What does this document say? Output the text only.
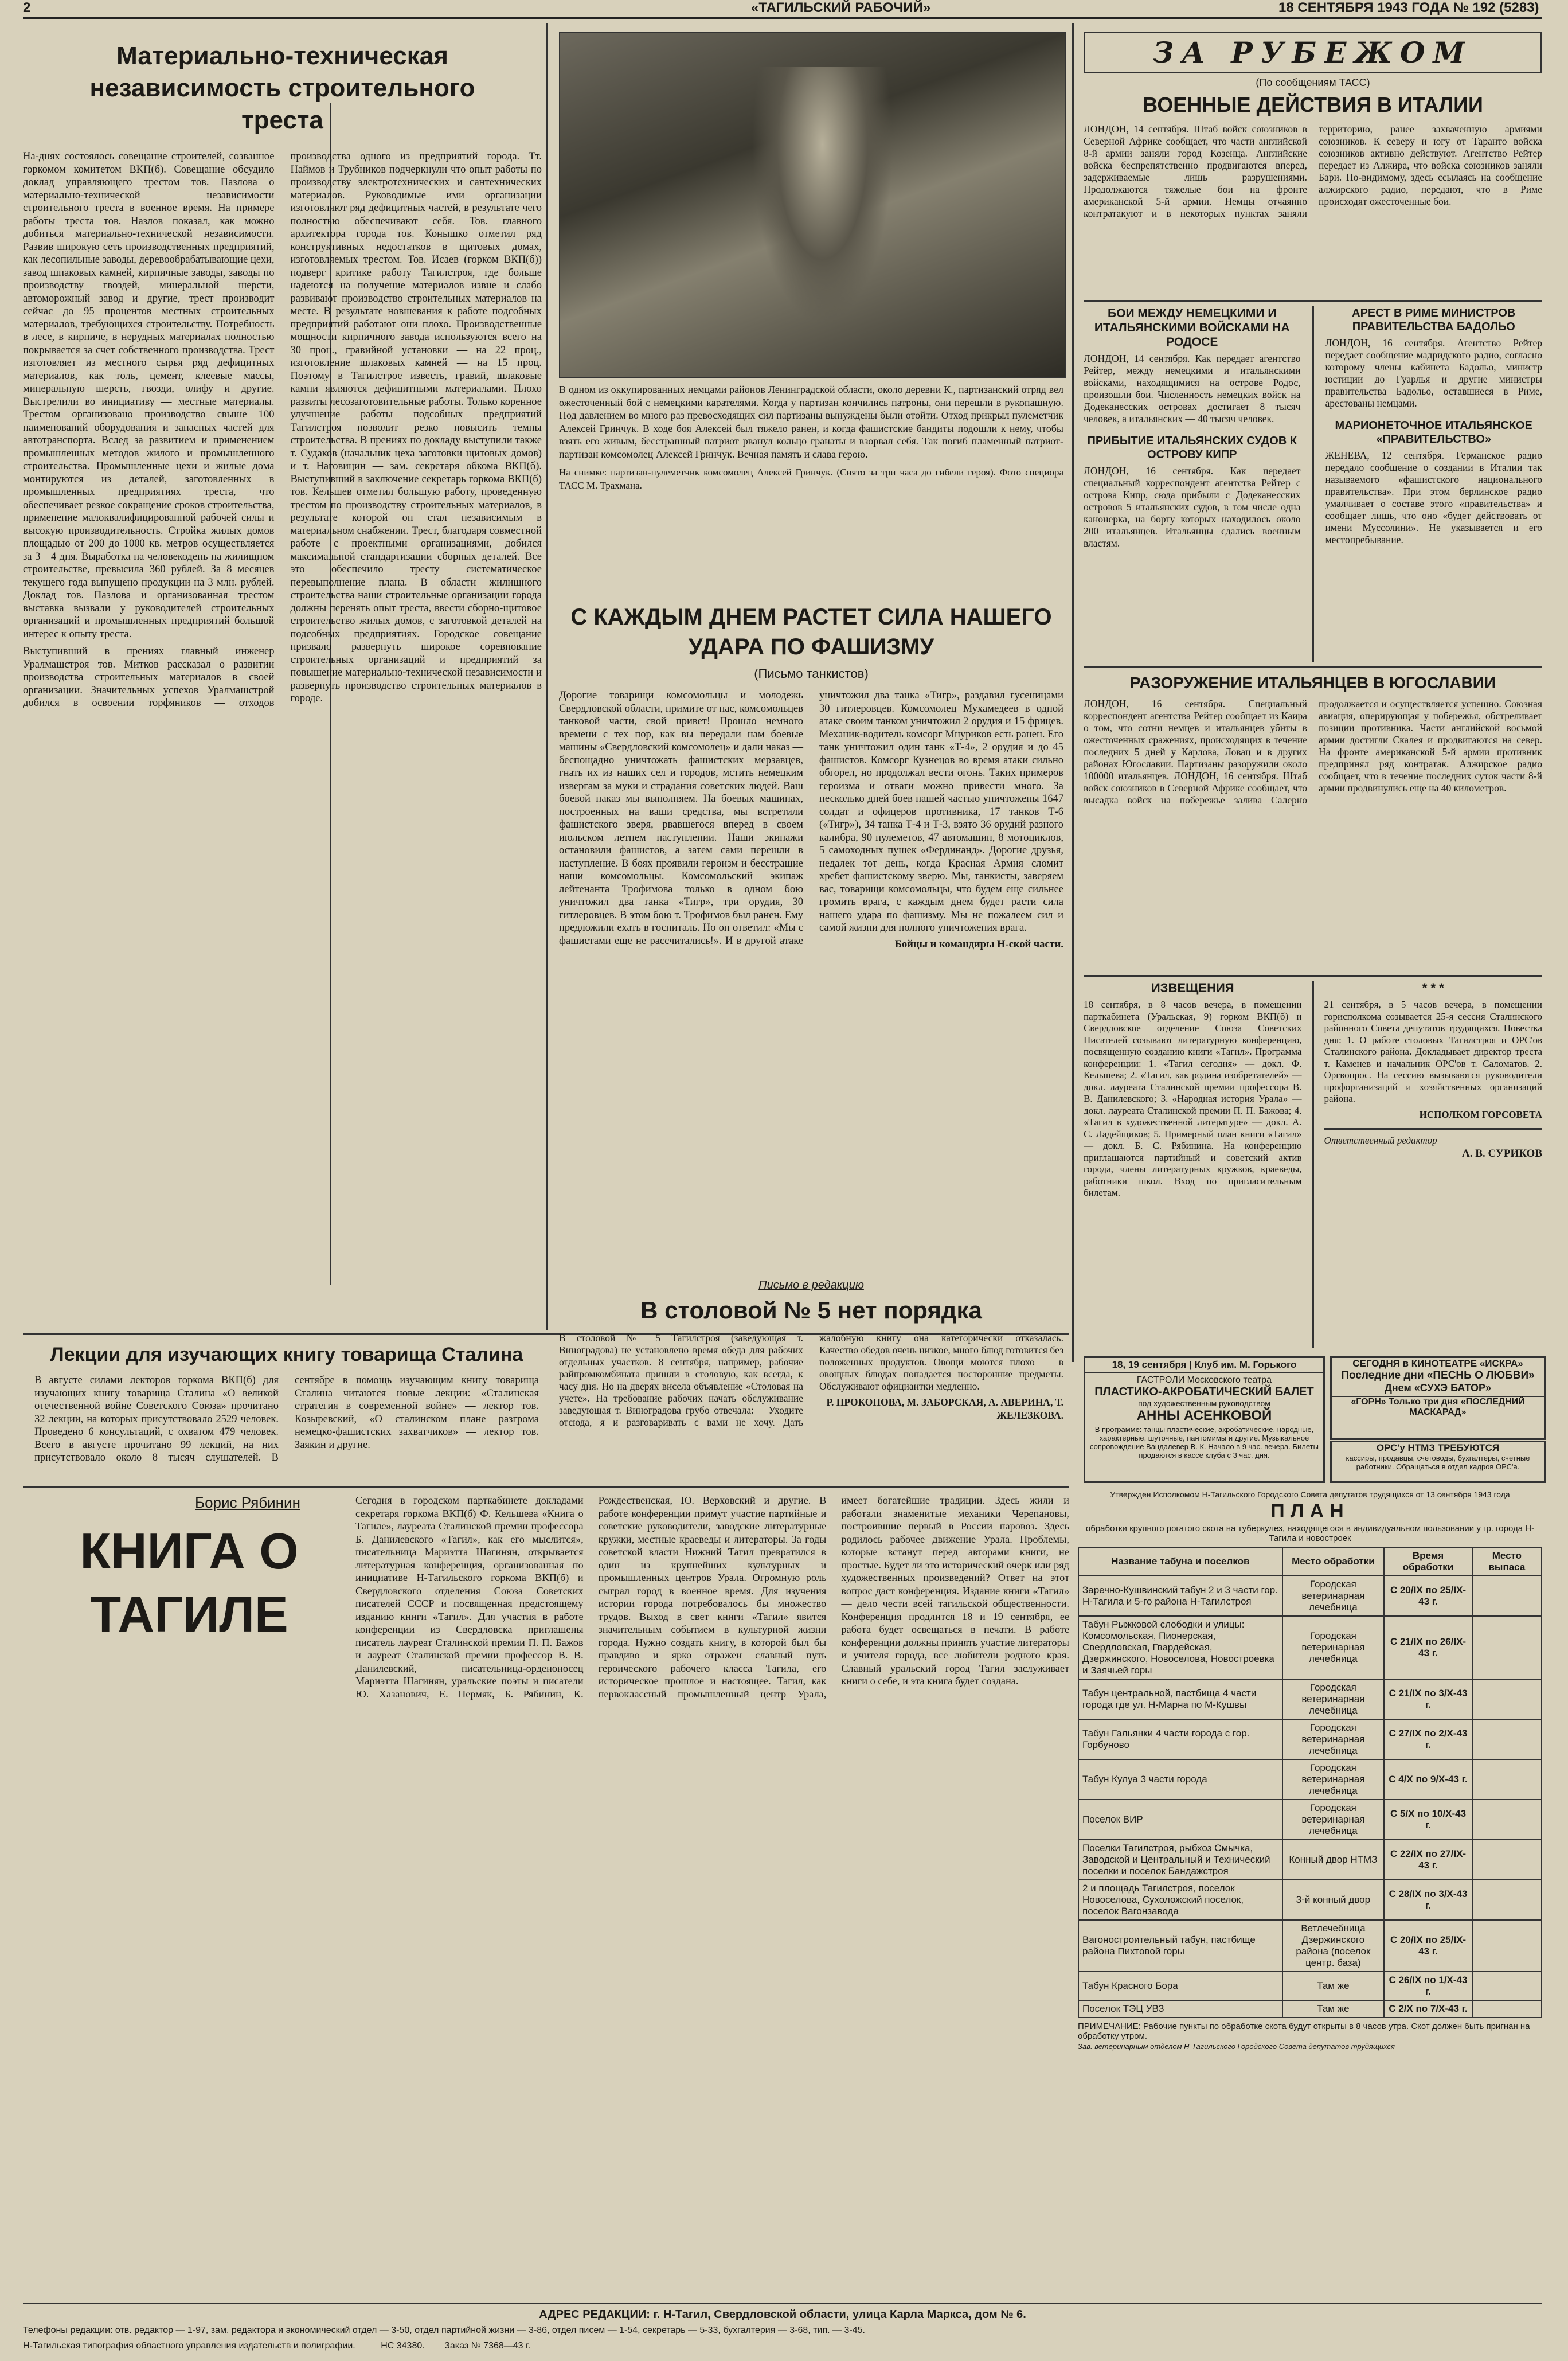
2	«ТАГИЛЬСКИЙ РАБОЧИЙ»	18 СЕНТЯБРЯ 1943 ГОДА № 192 (5283)
Материально-техническая независимость строительного треста

На-днях состоялось совещание строителей, созванное горкомом комитетом ВКП(б). Совещание обсудило доклад управляющего трестом тов. Пазлова о материально-технической независимости строительного треста в военное время. На примере работы треста тов. Назлов показал, как можно добиться материально-технической независимости. Развив широкую сеть производственных предприятий, как лесопильные заводы, деревообрабатывающие цехи, завод шпаковых камней, кирпичные заводы, заводы по производству гвоздей, минеральной шерсти, автоморожный завод и другие, трест производит сейчас до 95 процентов местных строительных материалов, требующихся строительству. Потребность в лесе, в кирпиче, в нерудных материалах полностью покрывается за счет собственного производства. Трест изготовляет из местного сырья ряд дефицитных материалов, как толь, цемент, клеевые массы, минеральную шерсть, гвозди, олифу и другие. Выстрелили во инициативу — местные материалы. Трестом организовано производство свыше 100 наименований оборудования и запасных частей для автотранспорта. Вслед за развитием и применением промышленных методов жилого и промышленного строительства. Промышленные цехи и жилые дома монтируются из деталей, заготовленных в промышленных предприятиях треста, что обеспечивает резкое сокращение сроков строительства, применение малоквалифицированной рабочей силы и высокую производительность. Стройка жилых домов площадью от 200 до 1000 кв. метров осуществляется за 3—4 дня. Выработка на человекодень на жилищном строительстве, превысила 360 рублей. За 8 месяцев текущего года выпущено продукции на 3 млн. рублей. Доклад тов. Пазлова и организованная трестом выставка вызвали у руководителей строительных организаций и промышленных предприятий большой интерес к опыту треста.

Выступивший в прениях главный инженер Уралмашстроя тов. Митков рассказал о развитии производства строительных материалов в своей организации. Значительных успехов Уралмашстрой добился в освоении торфяников — отходов производства одного из предприятий города. Тт. Наймов и Трубников подчеркнули что опыт работы по производству электротехнических и сантехнических материалов. Руководимые ими организации изготовляют ряд дефицитных частей, в результате чего полностью обеспечивают себя. Тов. главного архитектора города тов. Конышко отметил ряд конструктивных недостатков в щитовых домах, изготовляемых трестом. Тов. Исаев (горком ВКП(б)) подверг критике работу Тагилстроя, где больше надеются на получение материалов извне и слабо развивают производство строительных материалов на месте. В результате новшевания к работе подсобных предприятий работают они плохо. Производственные мощности кирпичного завода используются всего на 30 проц., гравийной установки — на 22 проц., изготовление шлаковых камней — на 15 проц. Поэтому в Тагилстрое известь, гравий, шлаковые камни являются дефицитными материалами. Плохо развиты лесозаготовительные работы. Только коренное улучшение работы подсобных предприятий Тагилстроя позволит резко повысить темпы строительства. В прениях по докладу выступили также т. Судаков (начальник цеха заготовки щитовых домов) и т. Наговицин — зам. секретаря обкома ВКП(б). Выступивший в заключение секретарь горкома ВКП(б) тов. Кельшев отметил большую работу, проведенную трестом по производству строительных материалов, в результате которой он стал независимым в материальном снабжении. Трест, благодаря совместной работе с проектными организациями, добился максимальной стандартизации сборных деталей. Все это обеспечило тресту систематическое перевыполнение плана. В области жилищного строительства наши строительные организации города должны перенять опыт треста, ввести сборно-щитовое строительство жилых домов, с заготовкой деталей на подсобных предприятиях. Городское совещание призвало развернуть широкое соревнование строительных организаций и предприятий за повышение материально-технической независимости и развернуть производство строительных материалов в городе.

Лекции для изучающих книгу товарища Сталина

В августе силами лекторов горкома ВКП(б) для изучающих книгу товарища Сталина «О великой отечественной войне Советского Союза» прочитано 32 лекции, на которых присутствовало 2529 человек. Проведено 6 консультаций, с охватом 479 человек. Всего в августе прочитано 99 лекций, на них присутствовало около 8 тысяч слушателей. В сентябре в помощь изучающим книгу товарища Сталина читаются новые лекции: «Сталинская стратегия в современной войне» — лектор тов. Козыревский, «О сталинском плане разгрома немецко-фашистских захватчиков» — лектор тов. Заякин и другие.

В одном из оккупированных немцами районов Ленинградской области, около деревни К., партизанский отряд вел ожесточенный бой с немецкими карателями. Когда у партизан кончились патроны, они перешли в рукопашную. Под давлением во много раз превосходящих сил партизаны вынуждены были отойти. Отход прикрыл пулеметчик Алексей Гринчук. В ходе боя Алексей был тяжело ранен, и когда фашистские бандиты подошли к нему, чтобы взять его живым, бесстрашный патриот рванул кольцо гранаты и взорвал себя. Так погиб пламенный патриот-партизан комсомолец Алексей Гринчук. Вечная память и слава герою.

На снимке: партизан-пулеметчик комсомолец Алексей Гринчук. (Снято за три часа до гибели героя). Фото специора ТАСС М. Трахмана.

С КАЖДЫМ ДНЕМ РАСТЕТ СИЛА НАШЕГО УДАРА ПО ФАШИЗМУ

(Письмо танкистов)

Дорогие товарищи комсомольцы и молодежь Свердловской области, примите от нас, комсомольцев танковой части, свой привет! Прошло немного времени с тех пор, как вы передали нам боевые машины «Свердловский комсомолец» и дали наказ — беспощадно уничтожать фашистских мерзавцев, гнать их из наших сел и городов, мстить немецким извергам за муки и страдания советских людей. Ваш боевой наказ мы выполняем. На боевых машинах, построенных на ваши средства, мы встретили фашистского зверя, рвавшегося вперед в своем июльском летнем наступлении. Наши экипажи остановили фашистов, а затем сами перешли в наступление. В боях проявили героизм и бесстрашие наши комсомольцы. Комсомольский экипаж лейтенанта Трофимова только в одном бою уничтожил два танка «Тигр», три орудия, 30 гитлеровцев. В этом бою т. Трофимов был ранен. Ему предложили ехать в госпиталь. Но он ответил: «Мы с фашистами еще не рассчитались!». И в другой атаке уничтожил два танка «Тигр», раздавил гусеницами 30 гитлеровцев. Комсомолец Мухамедеев в одной атаке своим танком уничтожил 2 орудия и 15 фрицев. Механик-водитель комсорг Мнуриков есть ранен. Его танк уничтожил один танк «Т-4», 2 орудия и до 45 фашистов. Комсорг Кузнецов во время атаки сильно обгорел, но продолжал вести огонь. Таких примеров героизма и отваги можно привести много. За несколько дней боев нашей частью уничтожены 1647 солдат и офицеров противника, 17 танков Т-6 («Тигр»), 34 танка Т-4 и Т-3, взято 36 орудий разного калибра, 90 пулеметов, 47 автомашин, 8 мотоциклов, 5 самоходных пушек «Фердинанд». Дорогие друзья, недалек тот день, когда Красная Армия сломит хребет фашистскому зверю. Мы, танкисты, заверяем вас, товарищи комсомольцы, что будем еще сильнее громить врага, с каждым днем будет расти сила нашего удара по фашизму. Мы не пожалеем сил и самой жизни для полного уничтожения врага.

Бойцы и командиры Н-ской части.

Письмо в редакцию

В столовой № 5 нет порядка

В столовой № 5 Тагилстроя (заведующая т. Виноградова) не установлено время обеда для рабочих отдельных участков. 8 сентября, например, рабочие райпромкомбината пришли в столовую, как всегда, к часу дня. Но на дверях висела объявление «Столовая на учете». На требование рабочих начать обслуживание заведующая т. Виноградова грубо отвечала: —Уходите отсюда, я и разговаривать с вами не хочу. Дать жалобную книгу она категорически отказалась. Качество обедов очень низкое, много блюд готовится без положенных продуктов. Овощи моются плохо — в овощных блюдах попадается посторонние предметы. Обслуживают официантки медленно.

Р. ПРОКОПОВА, М. ЗАБОРСКАЯ, А. АВЕРИНА, Т. ЖЕЛЕЗКОВА.

Борис Рябинин

КНИГА О ТАГИЛЕ

Сегодня в городском парткабинете докладами секретаря горкома ВКП(б) Ф. Кельшева «Книга о Тагиле», лауреата Сталинской премии профессора Б. Данилевского «Тагил», как его мыслится», писательница Мариэтта Шагинян, открывается литературная конференция, организованная по инициативе Н-Тагильского горкома ВКП(б) и Свердловского отделения Союза Советских писателей СССР и посвященная предстоящему изданию книги «Тагил». Для участия в работе конференции из Свердловска приглашены писатель лауреат Сталинской премии П. П. Бажов и лауреат Сталинской премии профессор В. В. Данилевский, писательница-орденоносец Мариэтта Шагинян, уральские поэты и писатели Ю. Хазанович, Е. Пермяк, Б. Рябинин, К. Рождественская, Ю. Верховский и другие. В работе конференции примут участие партийные и советские руководители, заводские литературные кружки, местные краеведы и литераторы. За годы советской власти Нижний Тагил превратился в один из крупнейших культурных и промышленных центров Урала. Огромную роль сыграл город в военное время. Для изучения истории города потребовалось бы множество трудов. Выход в свет книги «Тагил» явится значительным событием в культурной жизни города. Нужно создать книгу, в которой был бы правдиво и ярко отражен славный путь героического рабочего класса Тагила, его историческое прошлое и настоящее. Тагил, как первоклассный промышленный центр Урала, имеет богатейшие традиции. Здесь жили и работали знаменитые механики Черепановы, построившие первый в России паровоз. Здесь родилось рабочее движение Урала. Проблемы, которые встанут перед авторами книги, не простые. Будет ли это исторический очерк или ряд художественных произведений? Ответ на этот вопрос даст конференция. Издание книги «Тагил» — дело чести всей тагильской общественности. Конференция продлится 18 и 19 сентября, ее работа будет освещаться в печати. В работе конференции должны принять участие литераторы и учителя города, все любители родного края. Славный уральский город Тагил заслуживает книги о себе, и эта книга будет создана.

ЗА РУБЕЖОМ

(По сообщениям ТАСС)

ВОЕННЫЕ ДЕЙСТВИЯ В ИТАЛИИ

ЛОНДОН, 14 сентября. Штаб войск союзников в Северной Африке сообщает, что части английской 8-й армии заняли город Козенца. Английские войска беспрепятственно продвигаются вперед, задерживаемые лишь разрушениями. Продолжаются тяжелые бои на фронте американской 5-й армии. Немцы отчаянно контратакуют и в некоторых пунктах заняли территорию, ранее захваченную армиями союзников. К северу и югу от Таранто войска союзников активно действуют. Агентство Рейтер передает из Алжира, что войска союзников заняли Бари. По-видимому, здесь ссылаясь на сообщение алжирского радио, передают, что в Риме происходят ожесточенные бои.

БОИ МЕЖДУ НЕМЕЦКИМИ И ИТАЛЬЯНСКИМИ ВОЙСКАМИ НА РОДОСЕ

ЛОНДОН, 14 сентября. Как передает агентство Рейтер, между немецкими и итальянскими войсками, находящимися на острове Родос, произошли бои. Численность немецких войск на Додеканесских островах достигает 8 тысяч человек, а итальянских — 40 тысяч человек.

ПРИБЫТИЕ ИТАЛЬЯНСКИХ СУДОВ К ОСТРОВУ КИПР

ЛОНДОН, 16 сентября. Как передает специальный корреспондент агентства Рейтер с острова Кипр, сюда прибыли с Додеканесских островов 5 итальянских судов, в том числе одна канонерка, на борту которых находилось около 200 итальянцев. Итальянцы сдались военным властям.

АРЕСТ В РИМЕ МИНИСТРОВ ПРАВИТЕЛЬСТВА БАДОЛЬО

ЛОНДОН, 16 сентября. Агентство Рейтер передает сообщение мадридского радио, согласно которому члены кабинета Бадольо, министр юстиции до Гуарлья и другие министры правительства Бадольо, оставшиеся в Риме, арестованы немцами.

МАРИОНЕТОЧНОЕ ИТАЛЬЯНСКОЕ «ПРАВИТЕЛЬСТВО»

ЖЕНЕВА, 12 сентября. Германское радио передало сообщение о создании в Италии так называемого «фашистского национального правительства». При этом берлинское радио умалчивает о составе этого «правительства» и сообщает лишь, что оно «будет действовать от имени Муссолини». Не указывается и его местопребывание.

РАЗОРУЖЕНИЕ ИТАЛЬЯНЦЕВ В ЮГОСЛАВИИ

ЛОНДОН, 16 сентября. Специальный корреспондент агентства Рейтер сообщает из Каира о том, что сотни немцев и итальянцев убиты в ожесточенных сражениях, происходящих в течение последних 5 дней у Карлова, Ловац и в других районах Югославии. Партизаны разоружили около 100000 итальянцев. ЛОНДОН, 16 сентября. Штаб войск союзников в Северной Африке сообщает, что высадка войск на побережье залива Салерно продолжается и осуществляется успешно. Союзная авиация, оперирующая у побережья, обстреливает позиции противника. Части английской восьмой армии достигли Скалея и продвигаются на север. На фронте американской 5-й армии противник предпринял ряд контратак. Алжирское радио сообщает, что в течение последних суток части 8-й армии продвинулись еще на 40 километров.

ИЗВЕЩЕНИЯ

18 сентября, в 8 часов вечера, в помещении парткабинета (Уральская, 9) горком ВКП(б) и Свердловское отделение Союза Советских Писателей созывают литературную конференцию, посвященную созданию книги «Тагил». Программа конференции: 1. «Тагил сегодня» — докл. Ф. Кельшева; 2. «Тагил, как родина изобретателей» — докл. лауреата Сталинской премии профессора В. В. Данилевского; 3. «Народная история Урала» — докл. лауреата Сталинской премии П. П. Бажова; 4. «Тагил в художественной литературе» — докл. А. С. Ладейщиков; 5. Примерный план книги «Тагил» — докл. Б. С. Рябинина. На конференцию приглашаются партийный и советский актив города, члены литературных кружков, краеведы, работники школ. Вход по пригласительным билетам.

* * *

21 сентября, в 5 часов вечера, в помещении горисполкома созывается 25-я сессия Сталинского районного Совета депутатов трудящихся. Повестка дня: 1. О работе столовых Тагилстроя и ОРС'ов Сталинского района. Докладывает директор треста т. Каменев и начальник ОРС'ов т. Саломатов. 2. Оргвопрос. На сессию вызываются руководители профорганизаций и хозяйственных организаций района.

ИСПОЛКОМ ГОРСОВЕТА

Ответственный редактор

А. В. СУРИКОВ

18, 19 сентября | Клуб им. М. Горького
ГАСТРОЛИ Московского театра
ПЛАСТИКО-АКРОБАТИЧЕСКИЙ БАЛЕТ
под художественным руководством
АННЫ АСЕНКОВОЙ
В программе: танцы пластические, акробатические, народные, характерные, шуточные, пантомимы и другие. Музыкальное сопровождение Вандалевер В. К. Начало в 9 час. вечера. Билеты продаются в кассе клуба с 3 час. дня.
СЕГОДНЯ в КИНОТЕАТРЕ «ИСКРА»
Последние дни «ПЕСНЬ О ЛЮБВИ»
Днем «СУХЭ БАТОР»
«ГОРН» Только три дня «ПОСЛЕДНИЙ МАСКАРАД»
ОРС'у НТМЗ ТРЕБУЮТСЯ
кассиры, продавцы, счетоводы, бухгалтеры, счетные работники. Обращаться в отдел кадров ОРС'а.

Утвержден Исполкомом Н-Тагильского Городского Совета депутатов трудящихся от 13 сентября 1943 года

ПЛАН

обработки крупного рогатого скота на туберкулез, находящегося в индивидуальном пользовании у гр. города Н-Тагила и новостроек

Название табуна и поселков	Место обработки	Время обработки	Место выпаса
Заречно-Кушвинский табун 2 и 3 части гор. Н-Тагила и 5-го района Н-Тагилстроя	Городская ветеринарная лечебница	С 20/IX по 25/IX-43 г.	
Табун Рыжковой слободки и улицы: Комсомольская, Пионерская, Свердловская, Гвардейская, Дзержинского, Новоселова, Новостроевка и Заячьей горы	Городская ветеринарная лечебница	С 21/IX по 26/IX-43 г.	
Табун центральной, пастбища 4 части города где ул. Н-Марна по М-Кушвы	Городская ветеринарная лечебница	С 21/IX по 3/X-43 г.	
Табун Гальянки 4 части города с гор. Горбуново	Городская ветеринарная лечебница	С 27/IX по 2/X-43 г.	
Табун Кулуа 3 части города	Городская ветеринарная лечебница	С 4/X по 9/X-43 г.	
Поселок ВИР	Городская ветеринарная лечебница	С 5/X по 10/X-43 г.	
Поселки Тагилстроя, рыбхоз Смычка, Заводской и Центральный и Технический поселки и поселок Бандажстроя	Конный двор НТМЗ	С 22/IX по 27/IX-43 г.	
2 и площадь Тагилстроя, поселок Новоселова, Сухоложский поселок, поселок Вагонзавода	3-й конный двор	С 28/IX по 3/X-43 г.	
Вагоностроительный табун, пастбище района Пихтовой горы	Ветлечебница Дзержинского района (поселок центр. база)	С 20/IX по 25/IX-43 г.	
Табун Красного Бора	Там же	С 26/IX по 1/X-43 г.	
Поселок ТЭЦ УВЗ	Там же	С 2/X по 7/X-43 г.	

ПРИМЕЧАНИЕ: Рабочие пункты по обработке скота будут открыты в 8 часов утра. Скот должен быть пригнан на обработку утром.

Зав. ветеринарным отделом Н-Тагильского Городского Совета депутатов трудящихся

АДРЕС РЕДАКЦИИ: г. Н-Тагил, Свердловской области, улица Карла Маркса, дом № 6.
Телефоны редакции: отв. редактор — 1-97, зам. редактора и экономический отдел — 3-50, отдел партийной жизни — 3-86, отдел писем — 1-54, секретарь — 5-33, бухгалтерия — 3-68, тип. — 3-45.
Н-Тагильская типография областного управления издательств и полиграфии.	НС 34380. Заказ № 7368—43 г.
